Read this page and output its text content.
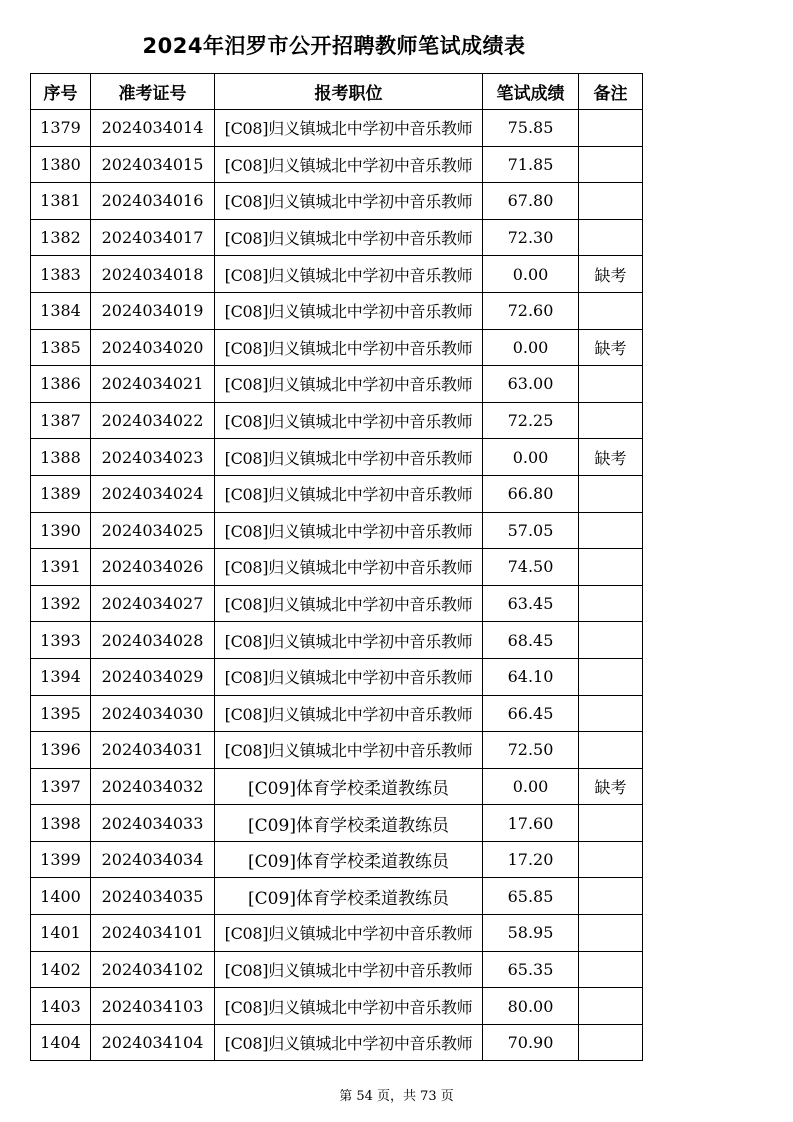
2024年汨罗市公开招聘教师笔试成绩表
序号	准考证号	报考职位	笔试成绩	备注
1379	2024034014	[C08]归义镇城北中学初中音乐教师	75.85	
1380	2024034015	[C08]归义镇城北中学初中音乐教师	71.85	
1381	2024034016	[C08]归义镇城北中学初中音乐教师	67.80	
1382	2024034017	[C08]归义镇城北中学初中音乐教师	72.30	
1383	2024034018	[C08]归义镇城北中学初中音乐教师	0.00	缺考
1384	2024034019	[C08]归义镇城北中学初中音乐教师	72.60	
1385	2024034020	[C08]归义镇城北中学初中音乐教师	0.00	缺考
1386	2024034021	[C08]归义镇城北中学初中音乐教师	63.00	
1387	2024034022	[C08]归义镇城北中学初中音乐教师	72.25	
1388	2024034023	[C08]归义镇城北中学初中音乐教师	0.00	缺考
1389	2024034024	[C08]归义镇城北中学初中音乐教师	66.80	
1390	2024034025	[C08]归义镇城北中学初中音乐教师	57.05	
1391	2024034026	[C08]归义镇城北中学初中音乐教师	74.50	
1392	2024034027	[C08]归义镇城北中学初中音乐教师	63.45	
1393	2024034028	[C08]归义镇城北中学初中音乐教师	68.45	
1394	2024034029	[C08]归义镇城北中学初中音乐教师	64.10	
1395	2024034030	[C08]归义镇城北中学初中音乐教师	66.45	
1396	2024034031	[C08]归义镇城北中学初中音乐教师	72.50	
1397	2024034032	[C09]体育学校柔道教练员	0.00	缺考
1398	2024034033	[C09]体育学校柔道教练员	17.60	
1399	2024034034	[C09]体育学校柔道教练员	17.20	
1400	2024034035	[C09]体育学校柔道教练员	65.85	
1401	2024034101	[C08]归义镇城北中学初中音乐教师	58.95	
1402	2024034102	[C08]归义镇城北中学初中音乐教师	65.35	
1403	2024034103	[C08]归义镇城北中学初中音乐教师	80.00	
1404	2024034104	[C08]归义镇城北中学初中音乐教师	70.90	
第 54 页，共 73 页
